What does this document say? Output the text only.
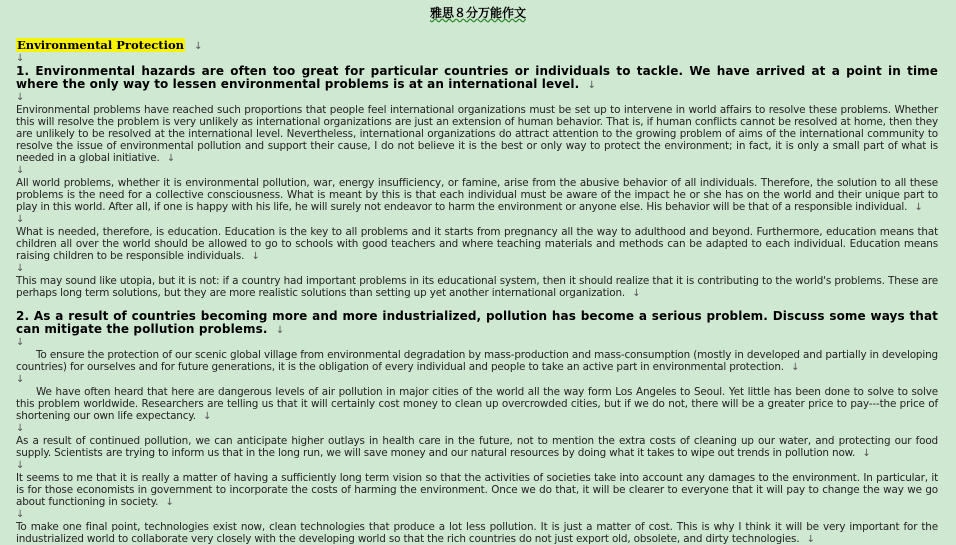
雅思８分万能作文
Environmental Protection ↓
↓
1. Environmental hazards are often too great for particular countries or individuals to tackle. We have arrived at a point in time where the only way to lessen environmental problems is at an international level. ↓
↓
Environmental problems have reached such proportions that people feel international organizations must be set up to intervene in world affairs to resolve these problems. Whether this will resolve the problem is very unlikely as international organizations are just an extension of human behavior. That is, if human conflicts cannot be resolved at home, then they are unlikely to be resolved at the international level. Nevertheless, international organizations do attract attention to the growing problem of aims of the international community to resolve the issue of environmental pollution and support their cause, I do not believe it is the best or only way to protect the environment; in fact, it is only a small part of what is needed in a global initiative. ↓
↓
All world problems, whether it is environmental pollution, war, energy insufficiency, or famine, arise from the abusive behavior of all individuals. Therefore, the solution to all these problems is the need for a collective consciousness. What is meant by this is that each individual must be aware of the impact he or she has on the world and their unique part to play in this world. After all, if one is happy with his life, he will surely not endeavor to harm the environment or anyone else. His behavior will be that of a responsible individual. ↓
↓
What is needed, therefore, is education. Education is the key to all problems and it starts from pregnancy all the way to adulthood and beyond. Furthermore, education means that children all over the world should be allowed to go to schools with good teachers and where teaching materials and methods can be adapted to each individual. Education means raising children to be responsible individuals. ↓
↓
This may sound like utopia, but it is not: if a country had important problems in its educational system, then it should realize that it is contributing to the world's problems. These are perhaps long term solutions, but they are more realistic solutions than setting up yet another international organization. ↓
2. As a result of countries becoming more and more industrialized, pollution has become a serious problem. Discuss some ways that can mitigate the pollution problems. ↓
↓
To ensure the protection of our scenic global village from environmental degradation by mass-production and mass-consumption (mostly in developed and partially in developing countries) for ourselves and for future generations, it is the obligation of every individual and people to take an active part in environmental protection. ↓
↓
We have often heard that here are dangerous levels of air pollution in major cities of the world all the way form Los Angeles to Seoul. Yet little has been done to solve to solve this problem worldwide. Researchers are telling us that it will certainly cost money to clean up overcrowded cities, but if we do not, there will be a greater price to pay---the price of shortening our own life expectancy. ↓
↓
As a result of continued pollution, we can anticipate higher outlays in health care in the future, not to mention the extra costs of cleaning up our water, and protecting our food supply. Scientists are trying to inform us that in the long run, we will save money and our natural resources by doing what it takes to wipe out trends in pollution now. ↓
↓
It seems to me that it is really a matter of having a sufficiently long term vision so that the activities of societies take into account any damages to the environment. In particular, it is for those economists in government to incorporate the costs of harming the environment. Once we do that, it will be clearer to everyone that it will pay to change the way we go about functioning in society. ↓
↓
To make one final point, technologies exist now, clean technologies that produce a lot less pollution. It is just a matter of cost. This is why I think it will be very important for the industrialized world to collaborate very closely with the developing world so that the rich countries do not just export old, obsolete, and dirty technologies. ↓
